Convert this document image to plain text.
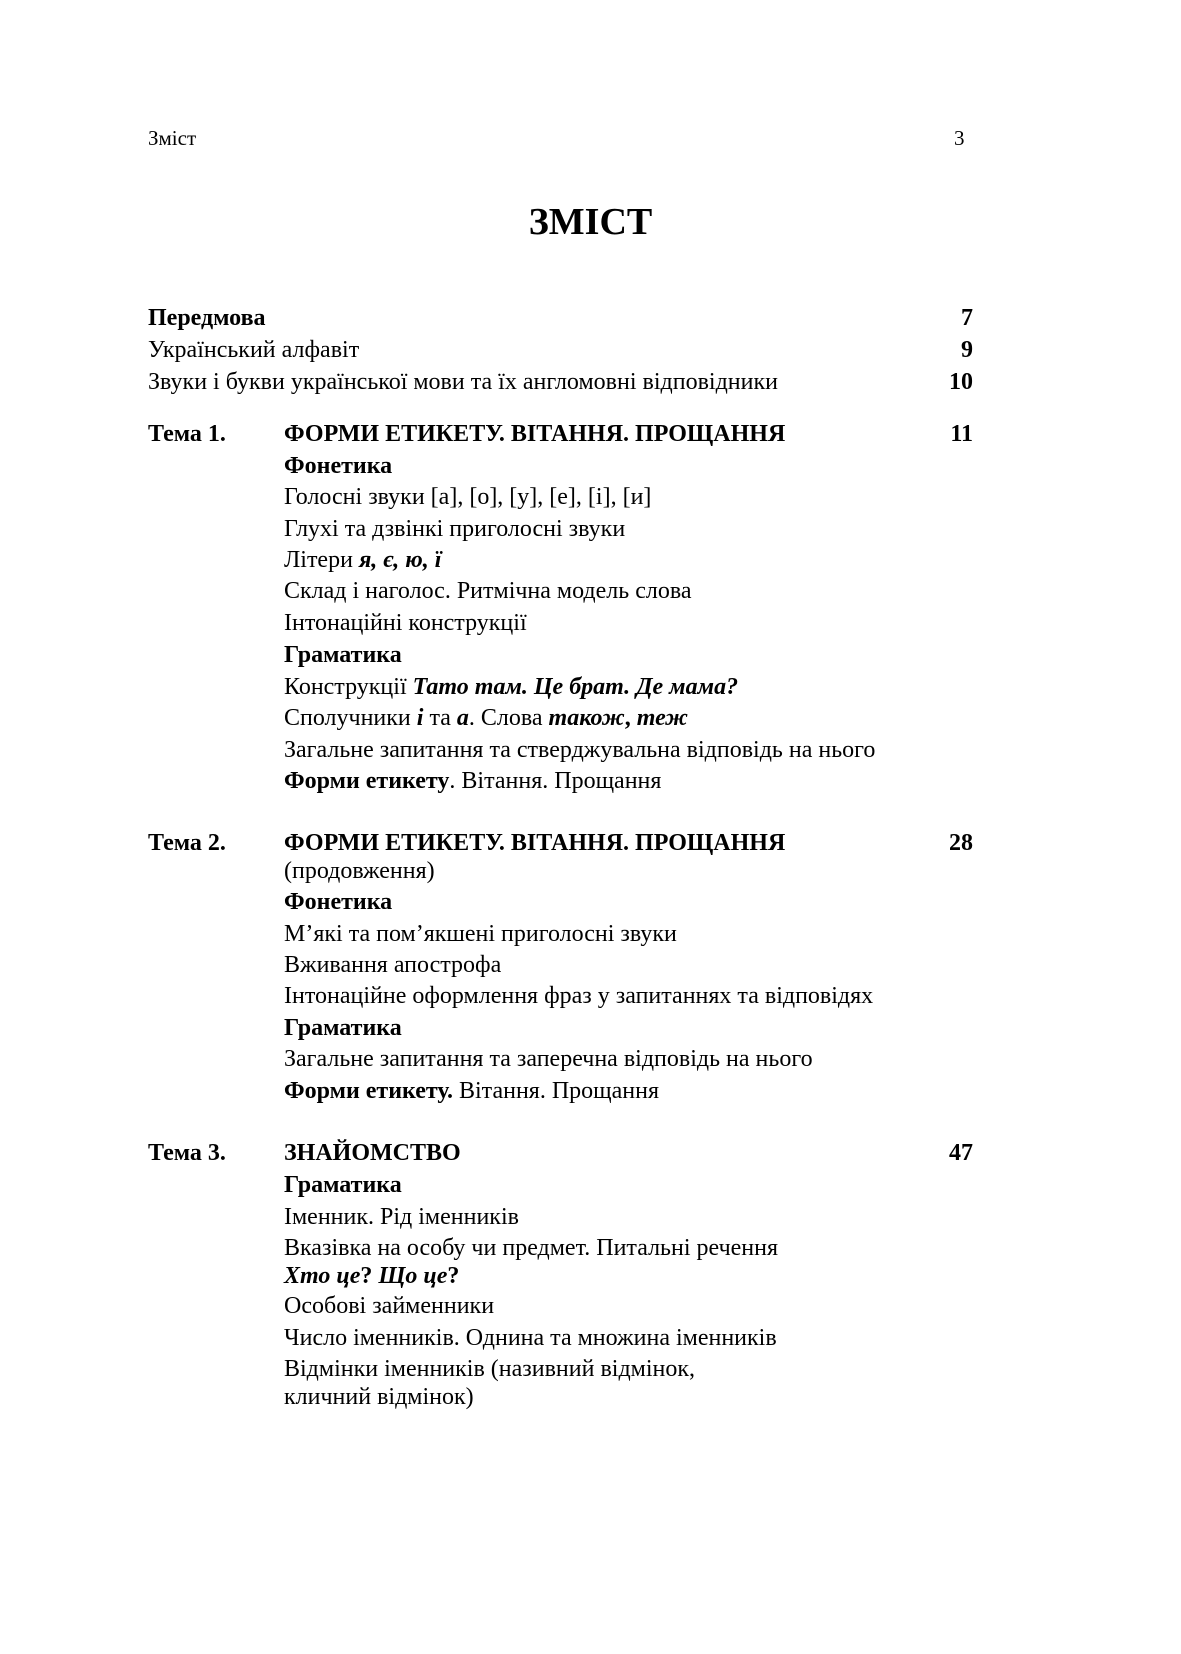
Зміст	3
ЗМІСТ
Передмова	7
Український алфавіт	9
Звуки і букви української мови та їх англомовні відповідники	10
Тема 1. ФОРМИ ЕТИКЕТУ. ВІТАННЯ. ПРОЩАННЯ	11
Фонетика
Голосні звуки [а], [о], [у], [е], [і], [и]
Глухі та дзвінкі приголосні звуки
Літери я, є, ю, ї
Склад і наголос. Ритмічна модель слова
Інтонаційні конструкції
Граматика
Конструкції Тато там. Це брат. Де мама?
Сполучники і та а. Слова також, теж
Загальне запитання та стверджувальна відповідь на нього
Форми етикету. Вітання. Прощання
Тема 2. ФОРМИ ЕТИКЕТУ. ВІТАННЯ. ПРОЩАННЯ	28
(продовження)
Фонетика
М’які та пом’якшені приголосні звуки
Вживання апострофа
Інтонаційне оформлення фраз у запитаннях та відповідях
Граматика
Загальне запитання та заперечна відповідь на нього
Форми етикету. Вітання. Прощання
Тема 3. ЗНАЙОМСТВО	47
Граматика
Іменник. Рід іменників
Вказівка на особу чи предмет. Питальні речення
Хто це? Що це?
Особові займенники
Число іменників. Однина та множина іменників
Відмінки іменників (називний відмінок,
кличний відмінок)
